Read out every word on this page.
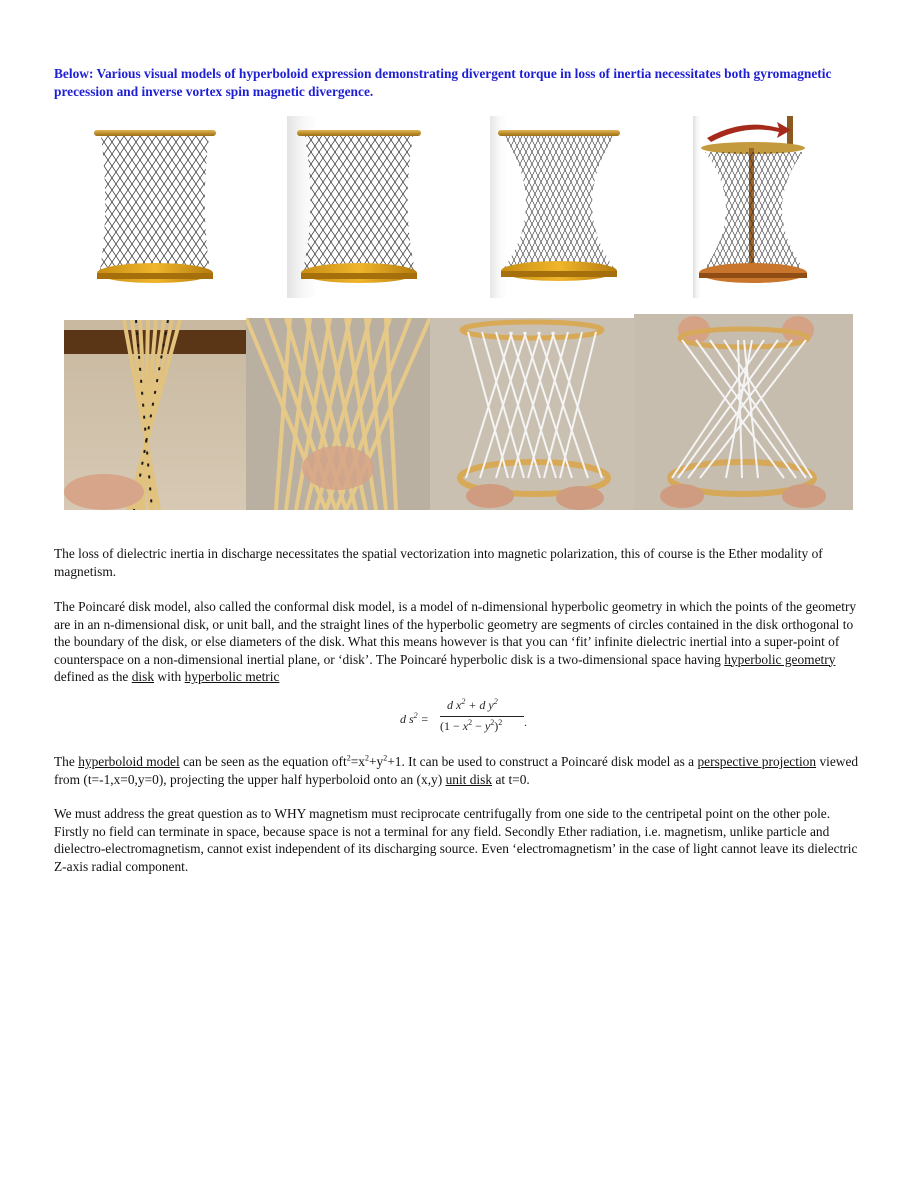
Below: Various visual models of hyperboloid expression demonstrating divergent torque in loss of inertia necessitates both gyromagnetic precession and inverse vortex spin magnetic divergence.

The loss of dielectric inertia in discharge necessitates the spatial vectorization into magnetic polarization, this of course is the Ether modality of magnetism.

The Poincaré disk model, also called the conformal disk model, is a model of n-dimensional hyperbolic geometry in which the points of the geometry are in an n-dimensional disk, or unit ball, and the straight lines of the hyperbolic geometry are segments of circles contained in the disk orthogonal to the boundary of the disk, or else diameters of the disk. What this means however is that you can ‘fit’ infinite dielectric inertial into a super-point of counterspace on a non-dimensional inertial plane, or ‘disk’. The Poincaré hyperbolic disk is a two-dimensional space having hyperbolic geometry defined as the disk with hyperbolic metric

d $s^2$ =
d $x^2 + d$ $y^2$
$(1 - x^2 - y^2)^2$ .

The hyperboloid model can be seen as the equation $oft^2=x^2+y^2+1$. It can be used to construct a Poincaré disk model as a perspective projection viewed from (t=-1,x=0,y=0), projecting the upper half hyperboloid onto an (x,y) unit disk at t=0.

We must address the great question as to WHY magnetism must reciprocate centrifugally from one side to the centripetal point on the other pole. Firstly no field can terminate in space, because space is not a terminal for any field. Secondly Ether radiation, i.e. magnetism, unlike particle and dielectro-electromagnetism, cannot exist independent of its discharging source. Even ‘electromagnetism’ in the case of light cannot leave its dielectric Z-axis radial component.
